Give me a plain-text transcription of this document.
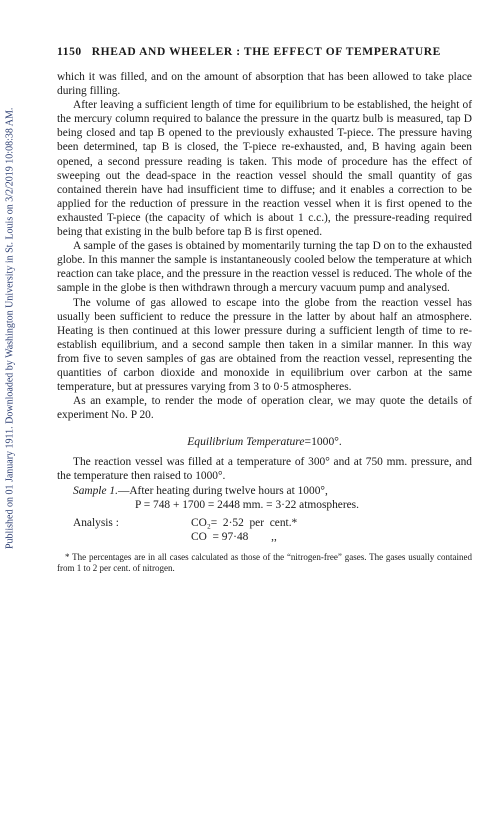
Published on 01 January 1911. Downloaded by Washington University in St. Louis on 3/2/2019 10:08:38 AM.
1150 RHEAD AND WHEELER : THE EFFECT OF TEMPERATURE

which it was filled, and on the amount of absorption that has been allowed to take place during filling.

After leaving a sufficient length of time for equilibrium to be established, the height of the mercury column required to balance the pressure in the quartz bulb is measured, tap D being closed and tap B opened to the previously exhausted T-piece. The pressure having been determined, tap B is closed, the T-piece re-exhausted, and, B having again been opened, a second pressure reading is taken. This mode of procedure has the effect of sweeping out the dead-space in the reaction vessel should the small quantity of gas contained therein have had insufficient time to diffuse; and it enables a correction to be applied for the reduction of pressure in the reaction vessel when it is first opened to the exhausted T-piece (the capacity of which is about 1 c.c.), the pressure-reading required being that existing in the bulb before tap B is first opened.

A sample of the gases is obtained by momentarily turning the tap D on to the exhausted globe. In this manner the sample is instantaneously cooled below the temperature at which reaction can take place, and the pressure in the reaction vessel is reduced. The whole of the sample in the globe is then withdrawn through a mercury vacuum pump and analysed.

The volume of gas allowed to escape into the globe from the reaction vessel has usually been sufficient to reduce the pressure in the latter by about half an atmosphere. Heating is then continued at this lower pressure during a sufficient length of time to re-establish equilibrium, and a second sample then taken in a similar manner. In this way from five to seven samples of gas are obtained from the reaction vessel, representing the quantities of carbon dioxide and monoxide in equilibrium over carbon at the same temperature, but at pressures varying from 3 to 0·5 atmospheres.

As an example, to render the mode of operation clear, we may quote the details of experiment No. P 20.

Equilibrium Temperature=1000°.

The reaction vessel was filled at a temperature of 300° and at 750 mm. pressure, and the temperature then raised to 1000°.

Sample 1.—After heating during twelve hours at 1000°,

P = 748 + 1700 = 2448 mm. = 3·22 atmospheres.

Analysis :	CO₂=  2·52  per  cent.*
CO  = 97·48        ,,
* The percentages are in all cases calculated as those of the “nitrogen-free” gases. The gases usually contained from 1 to 2 per cent. of nitrogen.
